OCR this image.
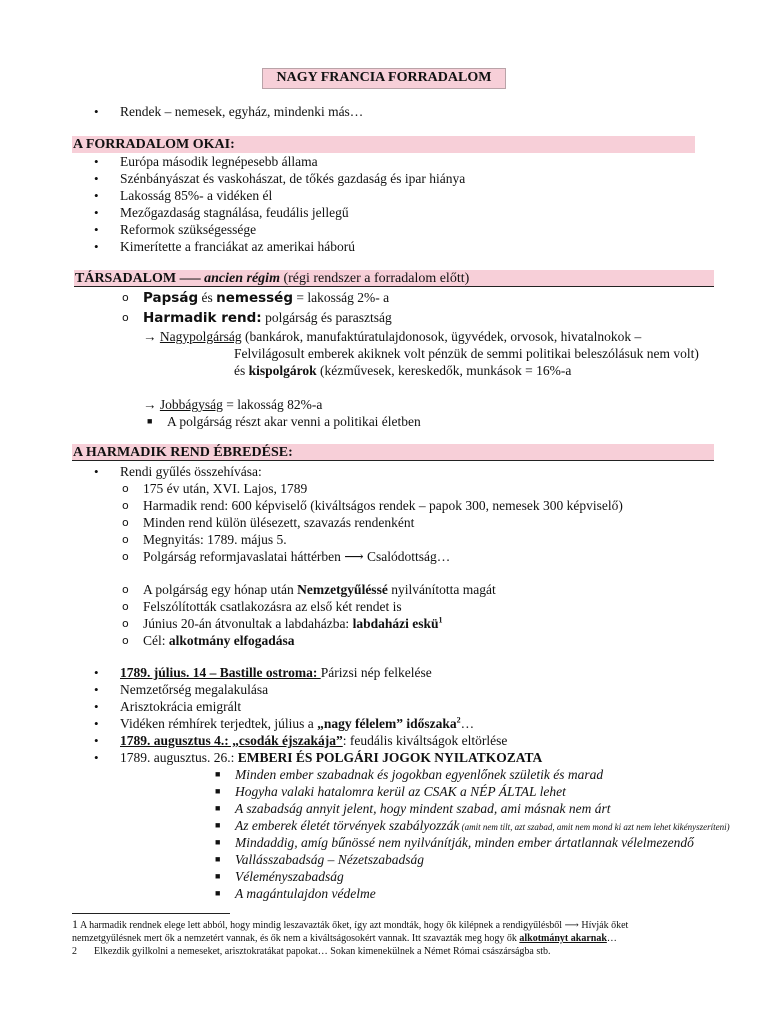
NAGY FRANCIA FORRADALOM
• Rendek – nemesek, egyház, mindenki más…
A FORRADALOM OKAI:
• Európa második legnépesebb állama
• Szénbányászat és vaskohászat, de tőkés gazdaság és ipar hiánya
• Lakosság 85%- a vidéken él
• Mezőgazdaság stagnálása, feudális jellegű
• Reformok szükségessége
• Kimerítette a franciákat az amerikai háború
TÁRSADALOM –— ancien régim (régi rendszer a forradalom előtt)
o Papság és nemesség = lakosság 2%- a
o Harmadik rend: polgárság és parasztság
→ Nagypolgárság (bankárok, manufaktúratulajdonosok, ügyvédek, orvosok, hivatalnokok –
Felvilágosult emberek akiknek volt pénzük de semmi politikai beleszólásuk nem volt)
és kispolgárok (kézművesek, kereskedők, munkások = 16%-a
→ Jobbágyság = lakosság 82%-a
■ A polgárság részt akar venni a politikai életben
A HARMADIK REND ÉBREDÉSE:
• Rendi gyűlés összehívása:
o 175 év után, XVI. Lajos, 1789
o Harmadik rend: 600 képviselő (kiváltságos rendek – papok 300, nemesek 300 képviselő)
o Minden rend külön ülésezett, szavazás rendenként
o Megnyitás: 1789. május 5.
o Polgárság reformjavaslatai háttérben ⟶ Csalódottság…
o A polgárság egy hónap után Nemzetgyűléssé nyilvánította magát
o Felszólították csatlakozásra az első két rendet is
o Június 20-án átvonultak a labdaházba: labdaházi eskü$^1$
o Cél: alkotmány elfogadása
• 1789. július. 14 – Bastille ostroma: Párizsi nép felkelése
• Nemzetőrség megalakulása
• Arisztokrácia emigrált
• Vidéken rémhírek terjedtek, július a „nagy félelem” időszaka$^2$…
• 1789. augusztus 4.: „csodák éjszakája”: feudális kiváltságok eltörlése
• 1789. augusztus. 26.: EMBERI ÉS POLGÁRI JOGOK NYILATKOZATA
■ Minden ember szabadnak és jogokban egyenlőnek születik és marad
■ Hogyha valaki hatalomra kerül az CSAK a NÉP ÁLTAL lehet
■ A szabadság annyit jelent, hogy mindent szabad, ami másnak nem árt
■ Az emberek életét törvények szabályozzák (amit nem tilt, azt szabad, amit nem mond ki azt nem lehet kikényszeríteni)
■ Mindaddig, amíg bűnössé nem nyilvánítják, minden ember ártatlannak vélelmezendő
■ Vallásszabadság – Nézetszabadság
■ Véleményszabadság
■ A magántulajdon védelme
1 A harmadik rendnek elege lett abból, hogy mindig leszavazták őket, így azt mondták, hogy ők kilépnek a rendigyűlésből ⟶ Hívják őket
nemzetgyűlésnek mert ők a nemzetért vannak, és ők nem a kiváltságosokért vannak. Itt szavazták meg hogy ők alkotmányt akarnak…
2 Elkezdik gyilkolni a nemeseket, arisztokratákat papokat… Sokan kimenekülnek a Német Római császárságba stb.
